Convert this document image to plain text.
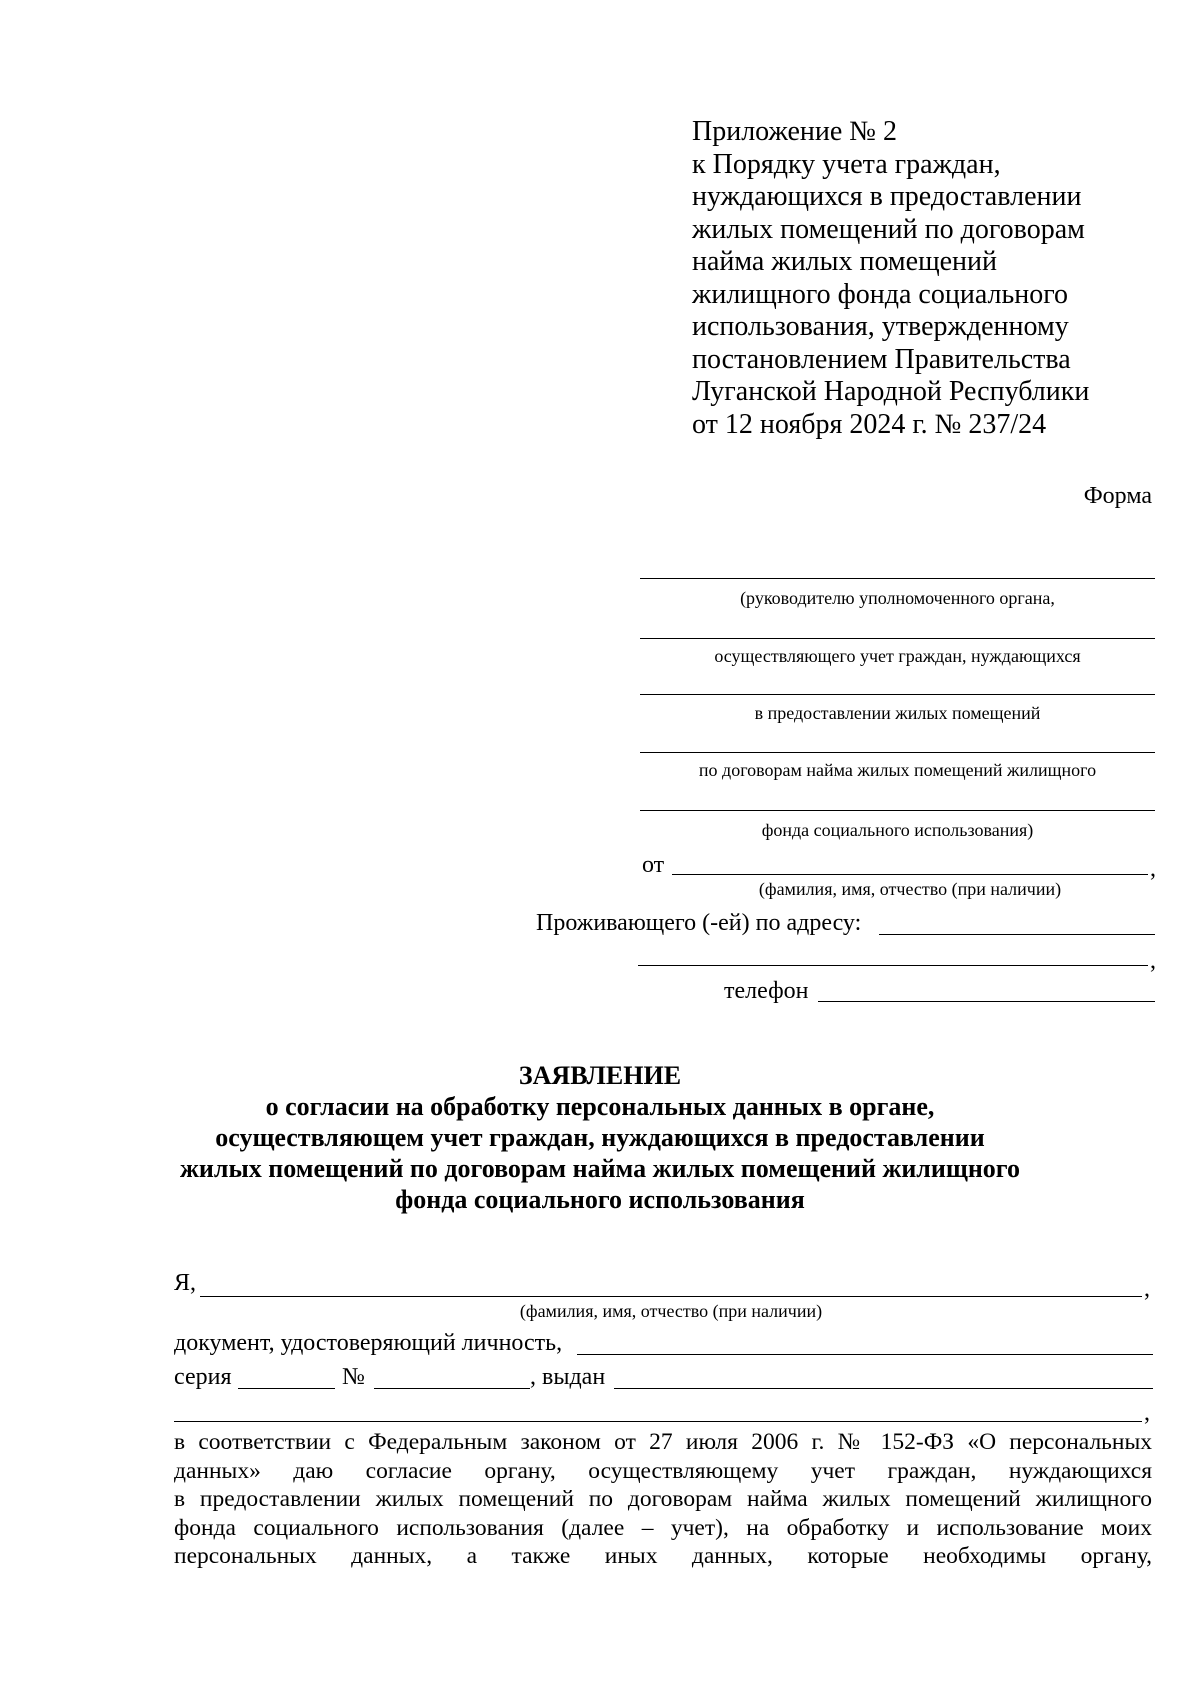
Приложение № 2
к Порядку учета граждан,
нуждающихся в предоставлении
жилых помещений по договорам
найма жилых помещений
жилищного фонда социального
использования, утвержденному
постановлением Правительства
Луганской Народной Республики
от 12 ноября 2024 г. № 237/24
Форма
(руководителю уполномоченного органа,
осуществляющего учет граждан, нуждающихся
в предоставлении жилых помещений
по договорам найма жилых помещений жилищного
фонда социального использования)
от	,
(фамилия, имя, отчество (при наличии)
Проживающего (-ей) по адресу:
,
телефон
ЗАЯВЛЕНИЕ
о согласии на обработку персональных данных в органе,
осуществляющем учет граждан, нуждающихся в предоставлении
жилых помещений по договорам найма жилых помещений жилищного
фонда социального использования
Я,	,
(фамилия, имя, отчество (при наличии)
документ, удостоверяющий личность,
серия	№	, выдан
,
в соответствии с Федеральным законом от 27 июля 2006 г. № 152-ФЗ «О персональных
данных» даю согласие органу, осуществляющему учет граждан, нуждающихся
в предоставлении жилых помещений по договорам найма жилых помещений жилищного
фонда социального использования (далее – учет), на обработку и использование моих
персональных данных, а также иных данных, которые необходимы органу,
